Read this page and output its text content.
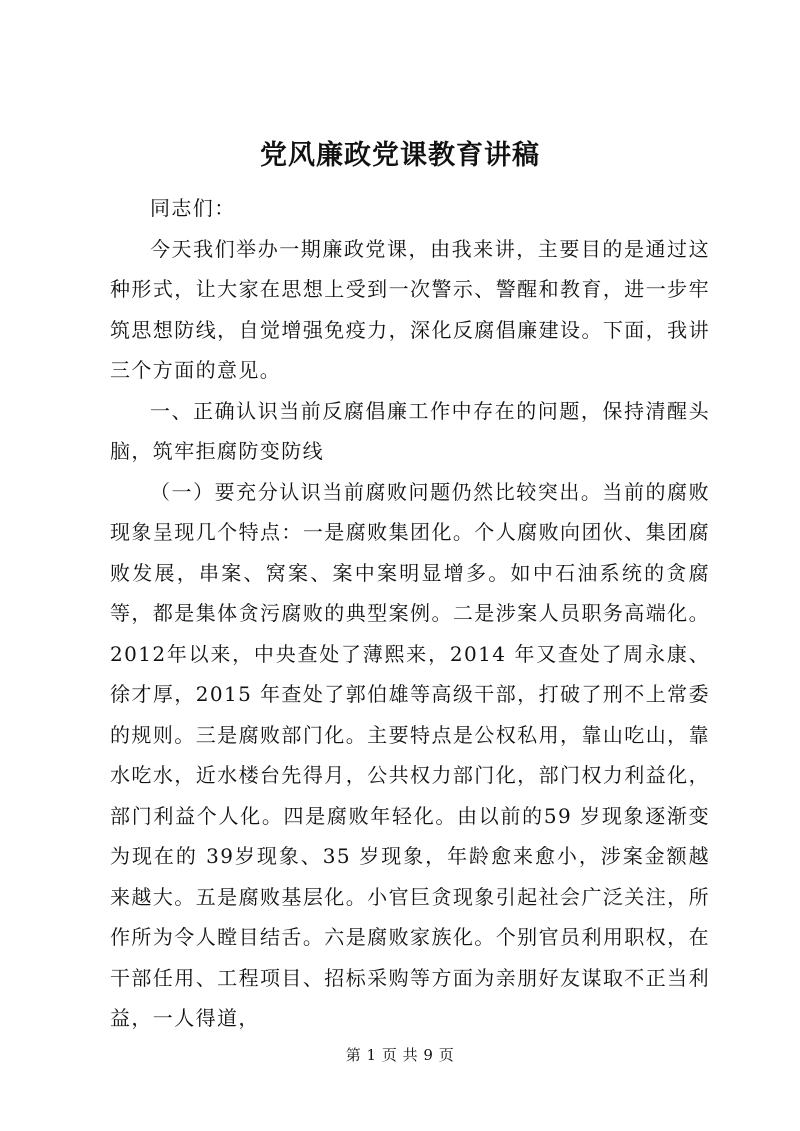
党风廉政党课教育讲稿

同志们：

今天我们举办一期廉政党课，由我来讲，主要目的是通过这种形式，让大家在思想上受到一次警示、警醒和教育，进一步牢筑思想防线，自觉增强免疫力，深化反腐倡廉建设。下面，我讲三个方面的意见。

一、正确认识当前反腐倡廉工作中存在的问题，保持清醒头脑，筑牢拒腐防变防线

（一）要充分认识当前腐败问题仍然比较突出。当前的腐败现象呈现几个特点：一是腐败集团化。个人腐败向团伙、集团腐败发展，串案、窝案、案中案明显增多。如中石油系统的贪腐等，都是集体贪污腐败的典型案例。二是涉案人员职务高端化。2012年以来，中央查处了薄熙来，2014 年又查处了周永康、徐才厚，2015 年查处了郭伯雄等高级干部，打破了刑不上常委的规则。三是腐败部门化。主要特点是公权私用，靠山吃山，靠水吃水，近水楼台先得月，公共权力部门化，部门权力利益化，部门利益个人化。四是腐败年轻化。由以前的59 岁现象逐渐变为现在的 39岁现象、35 岁现象，年龄愈来愈小，涉案金额越来越大。五是腐败基层化。小官巨贪现象引起社会广泛关注，所作所为令人瞠目结舌。六是腐败家族化。个别官员利用职权，在干部任用、工程项目、招标采购等方面为亲朋好友谋取不正当利益，一人得道，

第 1 页 共 9 页
